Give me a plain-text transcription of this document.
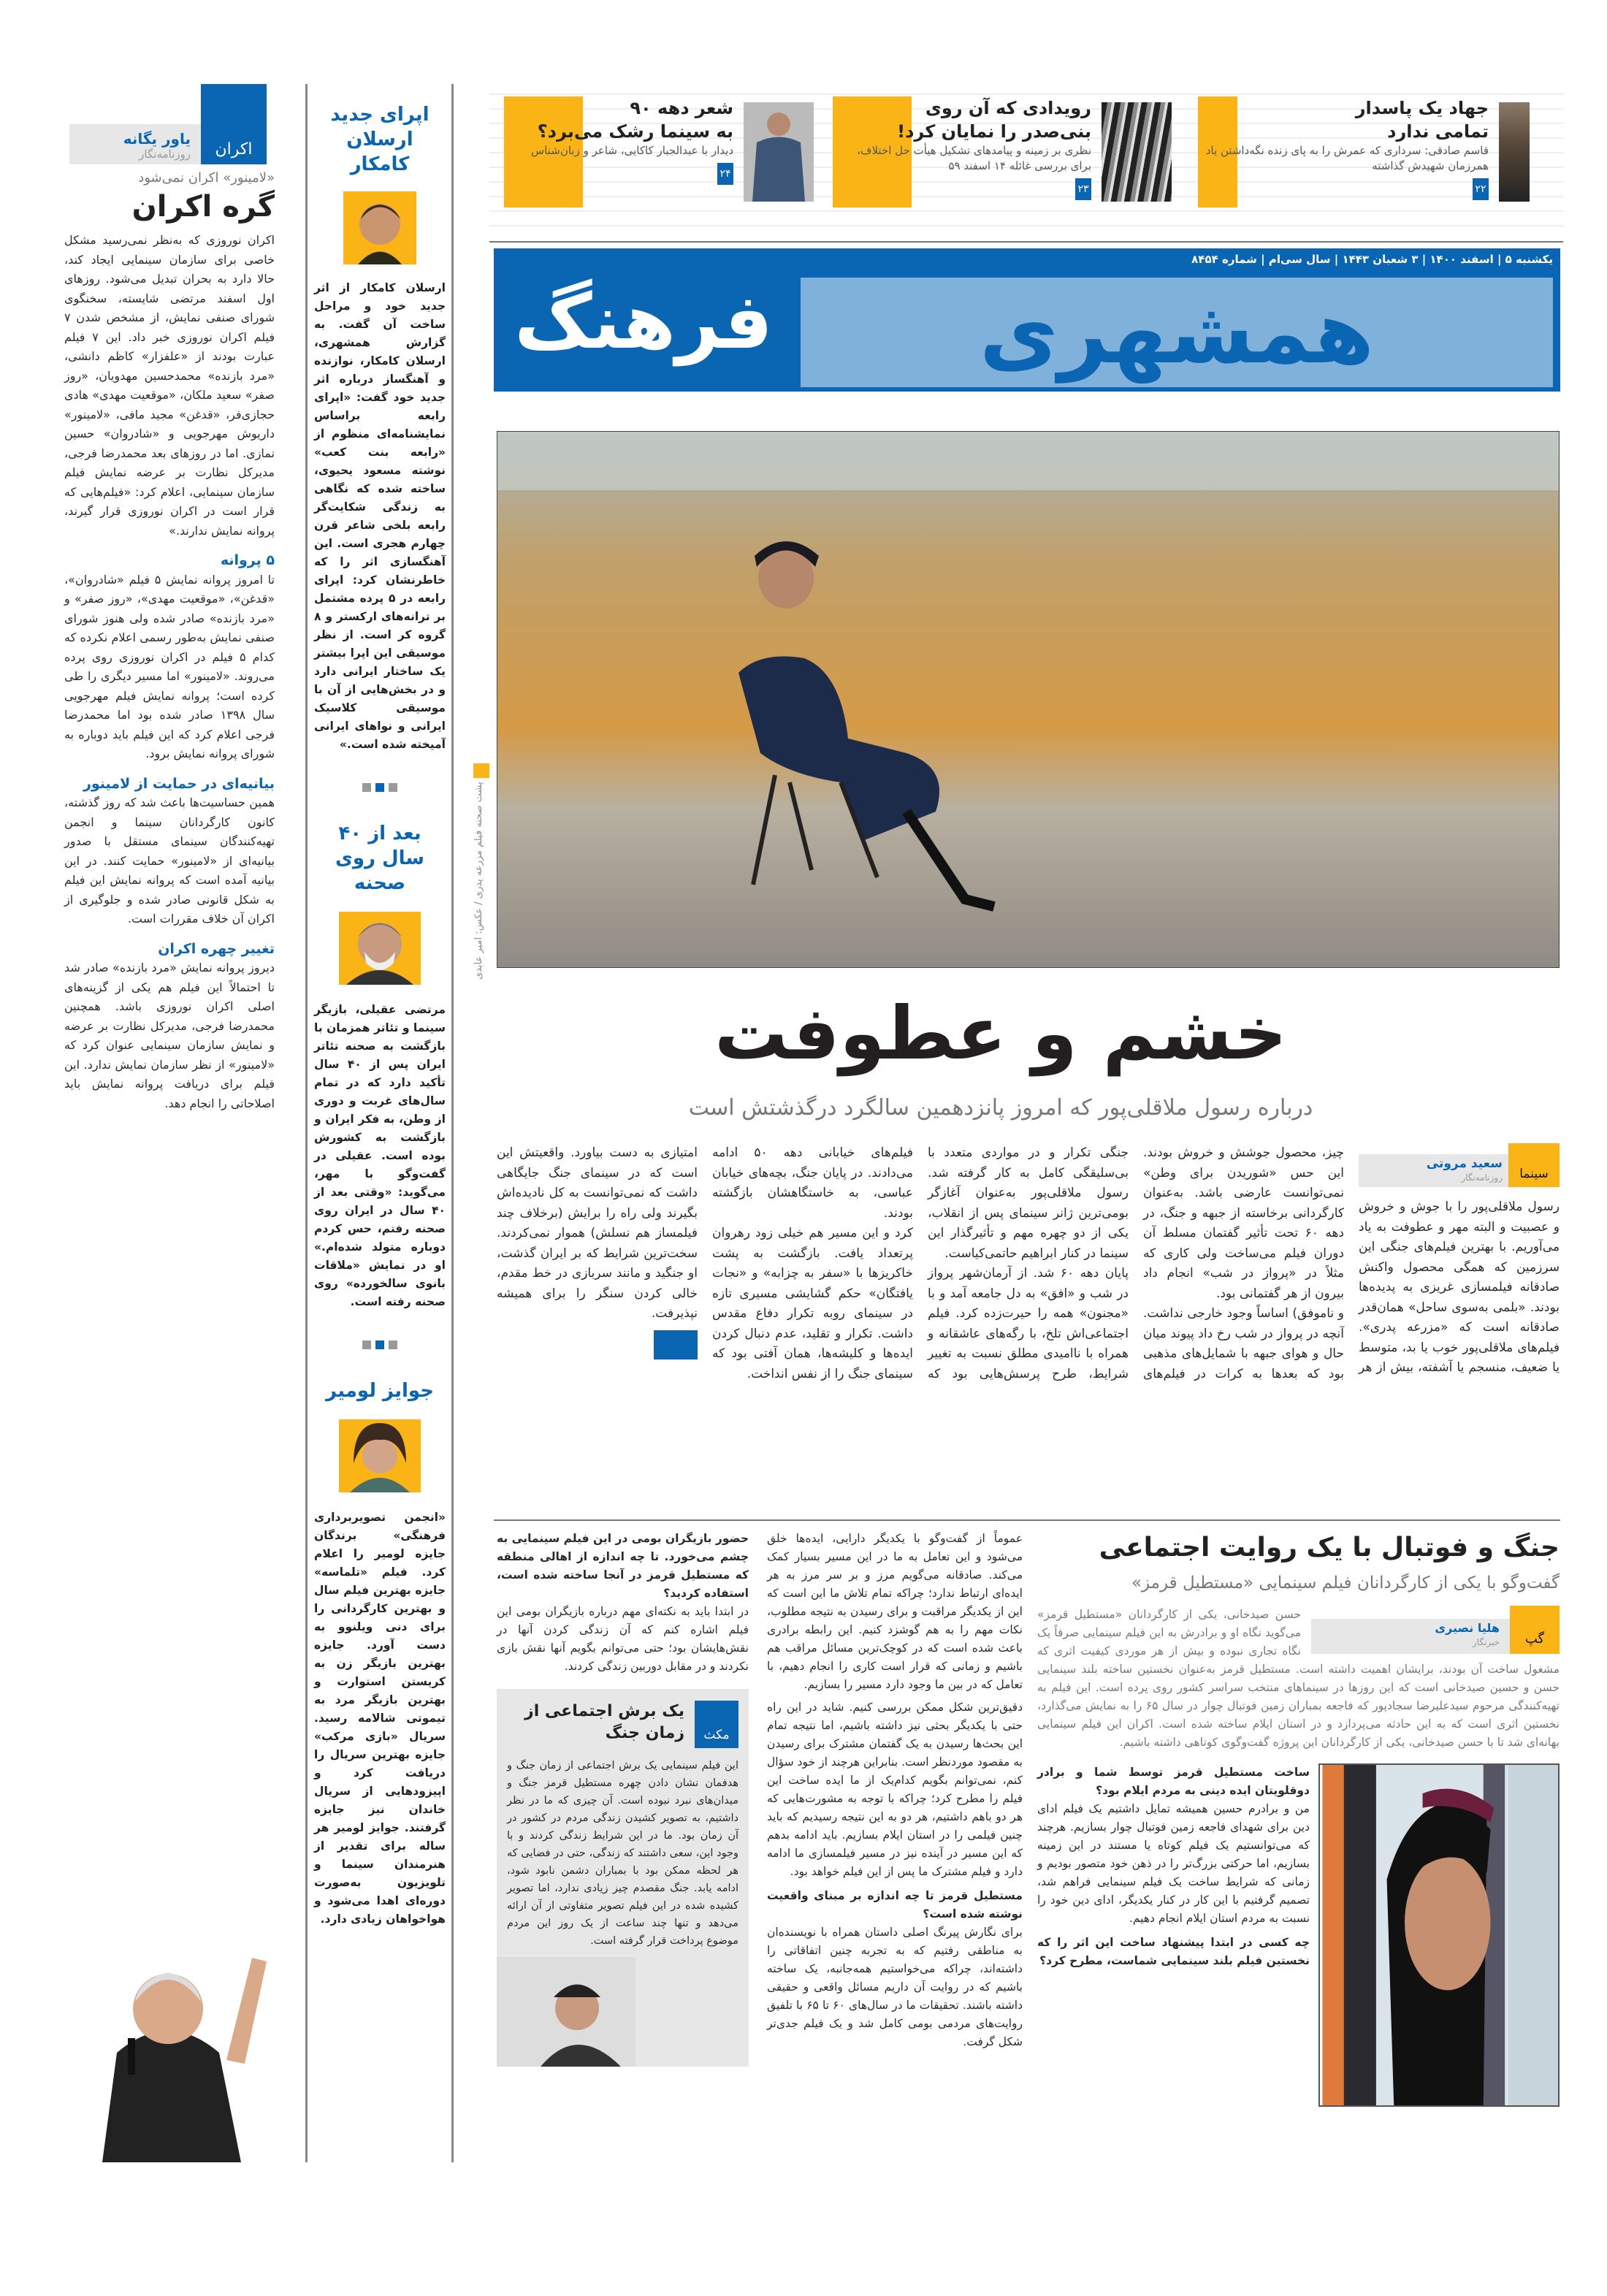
یاور یگانه
روزنامه‌نگار	اکران
«لامینور» اکران نمی‌شود
گره اکران

اکران نوروزی که به‌نظر نمی‌رسید مشکل خاصی برای سازمان سینمایی ایجاد کند، حالا دارد به بحران تبدیل می‌شود. روزهای اول اسفند مرتضی شایسته، سخنگوی شورای صنفی نمایش، از مشخص شدن ۷ فیلم اکران نوروزی خبر داد. این ۷ فیلم عبارت بودند از «علفزار» کاظم دانشی، «مرد بازنده» محمدحسین مهدویان، «روز صفر» سعید ملکان، «موقعیت مهدی» هادی حجازی‌فر، «قدغن» مجید مافی، «لامینور» داریوش مهرجویی و «شادروان» حسین نمازی. اما در روزهای بعد محمدرضا فرجی، مدیرکل نظارت بر عرضه نمایش فیلم سازمان سینمایی، اعلام کرد: «فیلم‌هایی که قرار است در اکران نوروزی قرار گیرند، پروانه نمایش ندارند.»

۵ پروانه

تا امروز پروانه نمایش ۵ فیلم «شادروان»، «قدغن»، «موقعیت مهدی»، «روز صفر» و «مرد بازنده» صادر شده ولی هنوز شورای صنفی نمایش به‌طور رسمی اعلام نکرده که کدام ۵ فیلم در اکران نوروزی روی پرده می‌روند. «لامینور» اما مسیر دیگری را طی کرده است؛ پروانه نمایش فیلم مهرجویی سال ۱۳۹۸ صادر شده بود اما محمدرضا فرجی اعلام کرد که این فیلم باید دوباره به شورای پروانه نمایش برود.

بیانیه‌ای در حمایت از لامینور

همین حساسیت‌ها باعث شد که روز گذشته، کانون کارگردانان سینما و انجمن تهیه‌کنندگان سینمای مستقل با صدور بیانیه‌ای از «لامینور» حمایت کنند. در این بیانیه آمده است که پروانه نمایش این فیلم به شکل قانونی صادر شده و جلوگیری از اکران آن خلاف مقررات است.

تغییر چهره اکران

دیروز پروانه نمایش «مرد بازنده» صادر شد تا احتمالاً این فیلم هم یکی از گزینه‌های اصلی اکران نوروزی باشد. همچنین محمدرضا فرجی، مدیرکل نظارت بر عرضه و نمایش سازمان سینمایی عنوان کرد که «لامینور» از نظر سازمان نمایش ندارد. این فیلم برای دریافت پروانه نمایش باید اصلاحاتی را انجام دهد.

اپرای جدید ارسلان کامکار
ارسلان کامکار از اثر جدید خود و مراحل ساخت آن گفت. به گزارش همشهری، ارسلان کامکار، نوازنده و آهنگساز درباره اثر جدید خود گفت: «اپرای رابعه براساس نمایشنامه‌ای منظوم از «رابعه بنت کعب» نوشته مسعود یحیوی، ساخته شده که نگاهی به زندگی شکایت‌گر رابعه بلخی شاعر قرن چهارم هجری است. این آهنگسازی اثر را که خاطرنشان کرد: اپرای رابعه در ۵ پرده مشتمل بر ترانه‌های ارکستر و ۸ گروه کر است. از نظر موسیقی این اپرا بیشتر یک ساختار ایرانی دارد و در بخش‌هایی از آن با موسیقی کلاسیک ایرانی و نواهای ایرانی آمیخته شده است.»
بعد از ۴۰ سال روی صحنه
مرتضی عقیلی، بازیگر سینما و تئاتر همزمان با بازگشت به صحنه تئاتر ایران پس از ۴۰ سال تأکید دارد که در تمام سال‌های غربت و دوری از وطن، به فکر ایران و بازگشت به کشورش بوده است. عقیلی در گفت‌وگو با مهر، می‌گوید: «وقتی بعد از ۴۰ سال در ایران روی صحنه رفتم، حس کردم دوباره متولد شده‌ام.» او در نمایش «ملاقات بانوی سالخورده» روی صحنه رفته است.
جوایز لومیر
«انجمن تصویربرداری فرهنگی» برندگان جایزه لومیر را اعلام کرد. فیلم «تلماسه» جایزه بهترین فیلم سال و بهترین کارگردانی را برای دنی ویلنوو به دست آورد. جایزه بهترین بازیگر زن به کریستن استوارت و بهترین بازیگر مرد به تیموتی شالامه رسید. سریال «بازی مرکب» جایزه بهترین سریال را دریافت کرد و اپیزودهایی از سریال خاندان نیز جایزه گرفتند. جوایز لومیر هر ساله برای تقدیر از هنرمندان سینما و تلویزیون به‌صورت دوره‌ای اهدا می‌شود و هواخواهان زیادی دارد.
جهاد یک پاسدار
تمامی ندارد
قاسم صادقی: سرداری که عمرش را به پای زنده نگه‌داشتن یاد همرزمان شهیدش گذاشته
۲۲
رویدادی که آن روی
بنی‌صدر را نمایان کرد!
نظری بر زمینه و پیامدهای تشکیل هیأت حل اختلاف، برای بررسی غائله ۱۴ اسفند ۵۹
۲۳
شعر دهه ۹۰
به سینما رشک می‌برد؟
دیدار با عبدالجبار کاکایی، شاعر و زبان‌شناس
۲۴
یکشنبه ۵ | اسفند ۱۴۰۰ | ۳ شعبان ۱۴۴۳ | سال سی‌ام | شماره ۸۴۵۴
همشهری
فرهنگ
پشت صحنه فیلم مزرعه پدری / عکس: امیر عابدی
خشم و عطوفت
درباره رسول ملاقلی‌پور که امروز پانزدهمین سالگرد درگذشتش است
سعید مروتی
روزنامه‌نگار	سینما

رسول ملاقلی‌پور را با جوش و خروش و عصبیت و البته مهر و عطوفت به یاد می‌آوریم. با بهترین فیلم‌های جنگی این سرزمین که همگی محصول واکنش صادقانه فیلمسازی غریزی به پدیده‌ها بودند. «بلمی به‌سوی ساحل» همان‌قدر صادقانه است که «مزرعه پدری». فیلم‌های ملاقلی‌پور خوب یا بد، متوسط یا ضعیف، منسجم یا آشفته، بیش از هر چیز، محصول جوشش و خروش بودند. این حس «شوریدن برای وطن» نمی‌توانست عارضی باشد. به‌عنوان کارگردانی برخاسته از جبهه و جنگ، در دهه ۶۰ تحت تأثیر گفتمان مسلط آن دوران فیلم می‌ساخت ولی کاری که مثلاً در «پرواز در شب» انجام داد بیرون از هر گفتمانی بود.

و ناموفق) اساساً وجود خارجی نداشت. آنچه در پرواز در شب رخ داد پیوند میان حال و هوای جبهه با شمایل‌های مذهبی بود که بعدها به کرات در فیلم‌های جنگی تکرار و در مواردی متعدد با بی‌سلیقگی کامل به کار گرفته شد. رسول ملاقلی‌پور به‌عنوان آغازگر بومی‌ترین ژانر سینمای پس از انقلاب، یکی از دو چهره مهم و تأثیرگذار این سینما در کنار ابراهیم حاتمی‌کیاست.

پایان دهه ۶۰ شد. از آرمان‌شهر پرواز در شب و «افق» به دل جامعه آمد و با «مجنون» همه را حیرت‌زده کرد. فیلم اجتماعی‌اش تلخ، با رگه‌های عاشقانه و همراه با ناامیدی مطلق نسبت به تغییر شرایط، طرح پرسش‌هایی بود که فیلم‌های خیابانی دهه ۵۰ ادامه می‌دادند. در پایان جنگ، بچه‌های خیابان عباسی، به خاستگاهشان بازگشته بودند.

کرد و این مسیر هم خیلی زود رهروان پرتعداد یافت. بازگشت به پشت خاکریزها با «سفر به چزابه» و «نجات یافتگان» حکم گشایشی مسیری تازه در سینمای روبه تکرار دفاع مقدس داشت. تکرار و تقلید، عدم دنبال کردن ایده‌ها و کلیشه‌ها، همان آفتی بود که سینمای جنگ را از نفس انداخت.

امتیازی به دست بیاورد. واقعیتش این است که در سینمای جنگ جایگاهی داشت که نمی‌توانست به کل نادیده‌اش بگیرند ولی راه را برایش (برخلاف چند فیلمساز هم نسلش) هموار نمی‌کردند. سخت‌ترین شرایط که بر ایران گذشت، او جنگید و مانند سربازی در خط مقدم، خالی کردن سنگر را برای همیشه نپذیرفت.

جنگ و فوتبال با یک روایت اجتماعی
گفت‌وگو با یکی از کارگردانان فیلم سینمایی «مستطیل قرمز»
هلیا نصیری
خبرنگار	گپ
حسن صیدخانی، یکی از کارگردانان «مستطیل قرمز» می‌گوید نگاه او و برادرش به این فیلم سینمایی صرفاً یک نگاه تجاری نبوده و بیش از هر موردی کیفیت اثری که مشغول ساخت آن بودند، برایشان اهمیت داشته است. مستطیل قرمز به‌عنوان نخستین ساخته بلند سینمایی حسن و حسین صیدخانی است که این روزها در سینماهای منتخب سراسر کشور روی پرده است. این فیلم به تهیه‌کنندگی مرحوم سیدعلیرضا سجادپور که فاجعه بمباران زمین فوتبال چوار در سال ۶۵ را به نمایش می‌گذارد، نخستین اثری است که به این حادثه می‌پردازد و در استان ایلام ساخته شده است. اکران این فیلم سینمایی بهانه‌ای شد تا با حسن صیدخانی، یکی از کارگردانان این پروژه گفت‌وگوی کوتاهی داشته باشیم.

ساخت مستطیل قرمز توسط شما و برادر دوقلویتان ایده دینی به مردم ایلام بود؟

من و برادرم حسین همیشه تمایل داشتیم یک فیلم ادای دین برای شهدای فاجعه زمین فوتبال چوار بسازیم. هرچند که می‌توانستیم یک فیلم کوتاه یا مستند در این زمینه بسازیم، اما حرکتی بزرگ‌تر را در ذهن خود متصور بودیم و زمانی که شرایط ساخت یک فیلم سینمایی فراهم شد، تصمیم گرفتیم با این کار در کنار یکدیگر، ادای دین خود را نسبت به مردم استان ایلام انجام دهیم.

چه کسی در ابتدا پیشنهاد ساخت این اثر را که نخستین فیلم بلند سینمایی شماست، مطرح کرد؟

عموماً از گفت‌وگو با یکدیگر دارایی، ایده‌ها خلق می‌شود و این تعامل به ما در این مسیر بسیار کمک می‌کند. صادقانه می‌گویم مرز و بر سر مرز به هر ایده‌ای ارتباط ندارد؛ چراکه تمام تلاش ما این است که این از یکدیگر مراقبت و برای رسیدن به نتیجه مطلوب، نکات مهم را به هم گوشزد کنیم. این رابطه برادری باعث شده است که در کوچک‌ترین مسائل مراقب هم باشیم و زمانی که قرار است کاری را انجام دهیم، با تعامل که در بین ما وجود دارد مسیر را بسازیم.

دقیق‌ترین شکل ممکن بررسی کنیم. شاید در این راه حتی با یکدیگر بحثی نیز داشته باشیم، اما نتیجه تمام این بحث‌ها رسیدن به یک گفتمان مشترک برای رسیدن به مقصود موردنظر است. بنابراین هرچند از خود سؤال کنم، نمی‌توانم بگویم کدام‌یک از ما ایده ساخت این فیلم را مطرح کرد؛ چراکه با توجه به مشورت‌هایی که هر دو باهم داشتیم، هر دو به این نتیجه رسیدیم که باید چنین فیلمی را در استان ایلام بسازیم. باید ادامه بدهم که این مسیر در آینده نیز در مسیر فیلمسازی ما ادامه دارد و فیلم مشترک ما پس از این فیلم خواهد بود.

مستطیل قرمز تا چه اندازه بر مبنای واقعیت نوشته شده است؟

برای نگارش پیرنگ اصلی داستان همراه با نویسنده‌ان به مناطقی رفتیم که به تجربه چنین اتفاقاتی را داشته‌اند، چراکه می‌خواستیم همه‌جانبه، یک ساخته باشیم که در روایت آن داریم مسائل واقعی و حقیقی داشته باشند. تحقیقات ما در سال‌های ۶۰ تا ۶۵ با تلفیق روایت‌های مردمی بومی کامل شد و یک فیلم جدی‌تر شکل گرفت.

حضور بازیگران بومی در این فیلم سینمایی به چشم می‌خورد. تا چه اندازه از اهالی منطقه که مستطیل قرمز در آنجا ساخته شده است، استفاده کردید؟

در ابتدا باید به نکته‌ای مهم درباره بازیگران بومی این فیلم اشاره کنم که آن زندگی کردن آنها در نقش‌هایشان بود؛ حتی می‌توانم بگویم آنها نقش بازی نکردند و در مقابل دوربین زندگی کردند.

مکث
یک برش اجتماعی از زمان جنگ
این فیلم سینمایی یک برش اجتماعی از زمان جنگ و هدفمان نشان دادن چهره مستطیل قرمز جنگ و میدان‌های نبرد نبوده است. آن چیزی که ما در نظر داشتیم، به تصویر کشیدن زندگی مردم در کشور در آن زمان بود. ما در این شرایط زندگی کردند و با وجود این، سعی داشتند که زندگی، حتی در فضایی که هر لحظه ممکن بود با بمباران دشمن نابود شود، ادامه یابد. جنگ مقصدم چیز زیادی ندارد، اما تصویر کشیده شده در این فیلم تصویر متفاوتی از آن ارائه می‌دهد و تنها چند ساعت از یک روز این مردم موضوع پرداخت قرار گرفته است.
